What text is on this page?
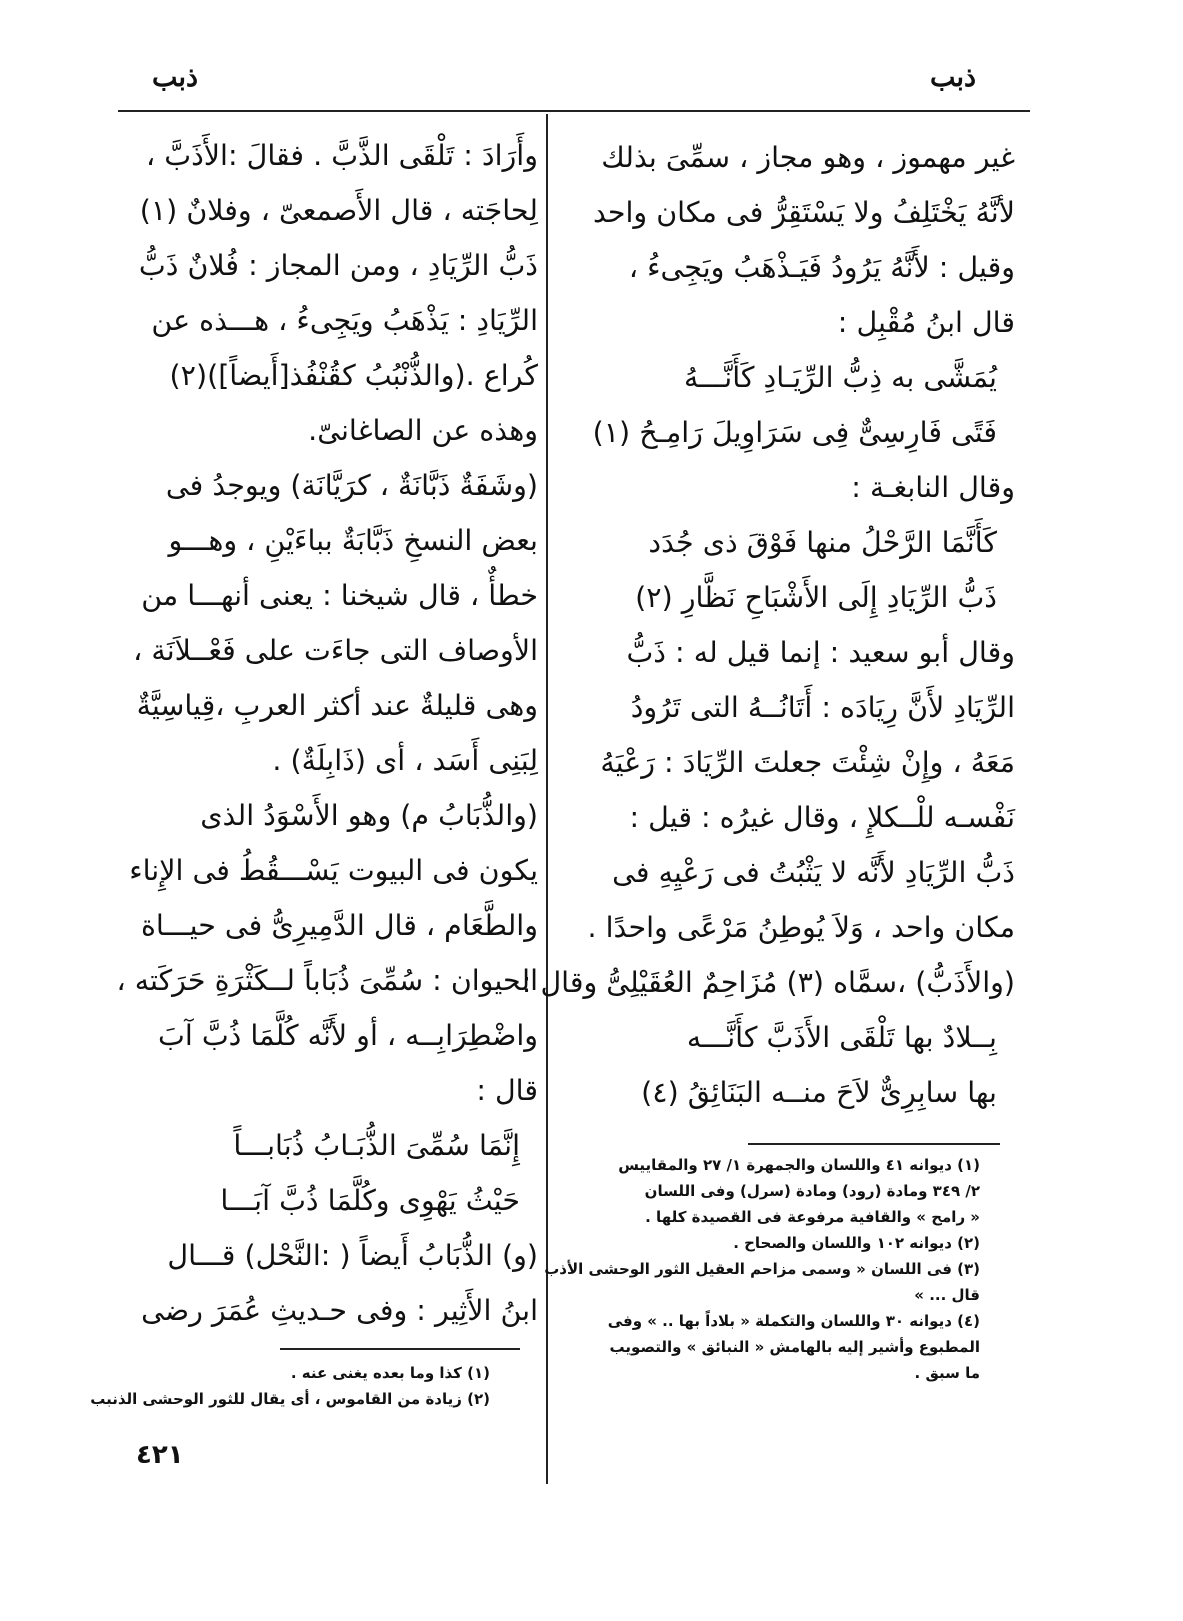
ذبب
ذبب
غير مهموز ، وهو مجاز ، سمِّىَ بذلك
لأنَّهُ يَخْتَلِفُ ولا يَسْتَقِرُّ فى مكان واحد
وقيل : لأَنَّهُ يَرُودُ فَيَـذْهَبُ ويَجِىءُ ،
قال ابنُ مُقْبِل :
يُمَشَّى به ذِبُّ الرِّيَـادِ كَأَنَّـــهُ
فَتًى فَارِسِىٌّ فِى سَرَاوِيلَ رَامِـحُ (١)
وقال النابغـة :
كَأَنَّمَا الرَّحْلُ منها فَوْقَ ذى جُدَد
ذَبُّ الرِّيَادِ إِلَى الأَشْبَاحِ نَظَّارِ (٢)
وقال أبو سعيد : إنما قيل له : ذَبُّ
الرِّيَادِ لأَنَّ رِيَادَه : أَتَانُــهُ التى تَرُودُ
مَعَهُ ، وإِنْ شِئْتَ جعلتَ الرِّيَادَ : رَعْيَهُ
نَفْسـه للْــكلإِ ، وقال غيرُه : قيل :
ذَبُّ الرِّيَادِ لأَنَّه لا يَثْبُتُ فى رَعْيِهِ فى
مكان واحد ، وَلاَ يُوطِنُ مَرْعًى واحدًا .
(والأَذَبُّ) ،سمَّاه (٣) مُزَاحِمٌ العُقَيْلِىُّ وقال :
بِــلادٌ بها تَلْقَى الأَذَبَّ كأَنَّـــه
بها سابِرِىٌّ لاَحَ منــه البَنَائِقُ (٤)
وأَرَادَ : تَلْقَى الذَّبَّ . فقالَ :الأَذَبَّ ،
لِحاجَته ، قال الأَصمعىّ ، وفلانٌ (١)
ذَبُّ الرِّيَادِ ، ومن المجاز : فُلانٌ ذَبُّ
الرِّيَادِ : يَذْهَبُ ويَجِىءُ ، هـــذه عن
كُراع .(والذُّنْبُبُ كقُنْفُذ[أَيضاً])(٢)
وهذه عن الصاغانىّ.
(وشَفَةٌ ذَبَّانَةٌ ، كرَيَّانَة) ويوجدُ فى
بعض النسخِ ذَبَّابَةٌ بباءَيْنِ ، وهـــو
خطأٌ ، قال شيخنا : يعنى أنهـــا من
الأوصاف التى جاءَت على فَعْــلاَنَة ،
وهى قليلةٌ عند أكثر العربِ ،قِياسِيَّةٌ
لِبَنِى أَسَد ، أى (ذَابِلَةٌ) .
(والذُّبَابُ م) وهو الأَسْوَدُ الذى
يكون فى البيوت يَسْـــقُطُ فى الإِناء
والطَّعَام ، قال الدَّمِيرِىُّ فى حيـــاة
الحيوان : سُمِّىَ ذُبَاباً لــكَثْرَةِ حَرَكَته ،
واضْطِرَابِــه ، أو لأَنَّه كُلَّمَا ذُبَّ آبَ
قال :
إِنَّمَا سُمِّىَ الذُّبَـابُ ذُبَابـــاً
حَيْثُ يَهْوِى وكُلَّمَا ذُبَّ آبَـــا
(و) الذُّبَابُ أَيضاً ( :النَّحْل) قـــال
ابنُ الأَثِير : وفى حـديثِ عُمَرَ رضى
(١) ديوانه ٤١ واللسان والجمهرة ١/ ٢٧ والمقاييس
٢/ ٣٤٩ ومادة (رود) ومادة (سرل) وفى اللسان
« رامح » والقافية مرفوعة فى القصيدة كلها .
(٢) ديوانه ١٠٢ واللسان والصحاح .
(٣) فى اللسان « وسمى مزاحم العقيل الثور الوحشى الأذب
قال ... »
(٤) ديوانه ٣٠ واللسان والتكملة « بلاداً بها .. » وفى
المطبوع وأشير إليه بالهامش « النبائق » والتصويب
ما سبق .
(١) كذا وما بعده يغنى عنه .
(٢) زيادة من القاموس ، أى يقال للثور الوحشى الذنبب
٤٢١
